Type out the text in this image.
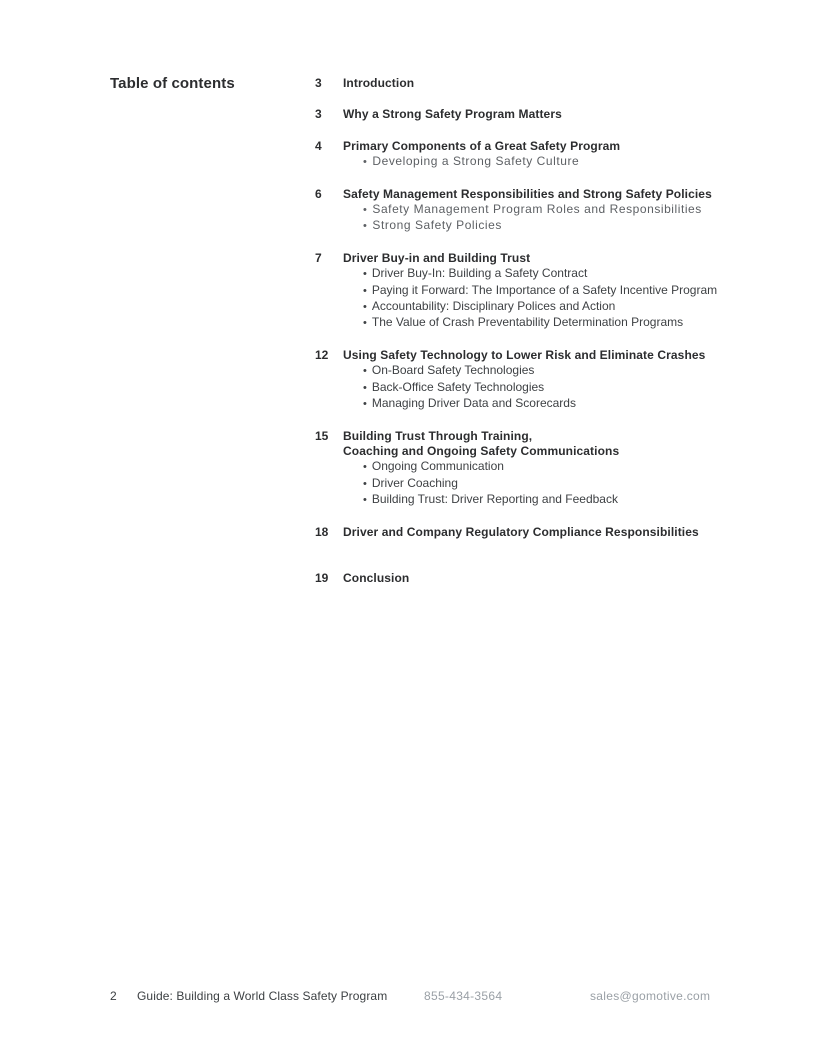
Table of contents	3	Introduction
3	Why a Strong Safety Program Matters
4	Primary Components of a Great Safety Program
• Developing a Strong Safety Culture
6	Safety Management Responsibilities and Strong Safety Policies
• Safety Management Program Roles and Responsibilities
• Strong Safety Policies
7	Driver Buy-in and Building Trust
• Driver Buy-In: Building a Safety Contract
• Paying it Forward: The Importance of a Safety Incentive Program
• Accountability: Disciplinary Polices and Action
• The Value of Crash Preventability Determination Programs
12	Using Safety Technology to Lower Risk and Eliminate Crashes
• On-Board Safety Technologies
• Back-Office Safety Technologies
• Managing Driver Data and Scorecards
15	Building Trust Through Training,
Coaching and Ongoing Safety Communications
• Ongoing Communication
• Driver Coaching
• Building Trust: Driver Reporting and Feedback
18	Driver and Company Regulatory Compliance Responsibilities
19	Conclusion
2 Guide: Building a World Class Safety Program	855-434-3564	sales@gomotive.com
